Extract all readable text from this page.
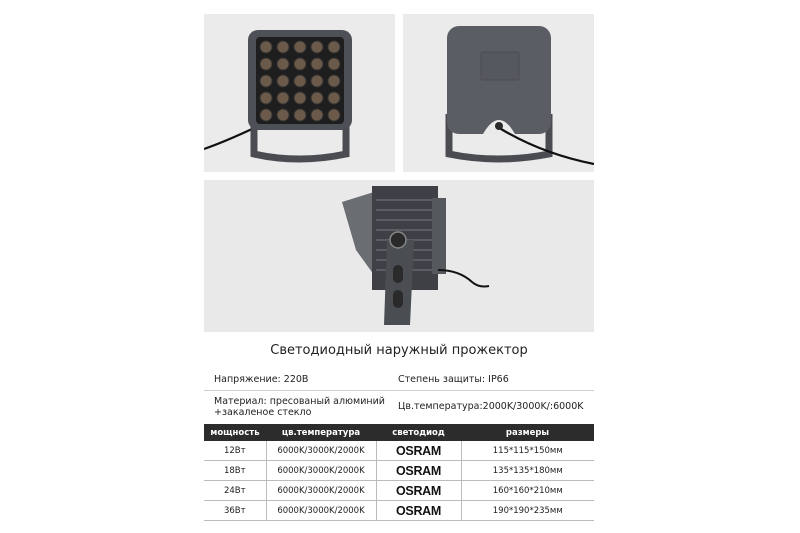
Светодиодный наружный прожектор
Напряжение: 220В	Степень защиты: IP66
Материал: пресованый алюминий
+закаленое стекло
Цв.температура:2000K/3000K/:6000K
мощность	цв.температура	светодиод	размеры
12Вт	6000K/3000K/2000K	OSRAM	115*115*150мм
18Вт	6000K/3000K/2000K	OSRAM	135*135*180мм
24Вт	6000K/3000K/2000K	OSRAM	160*160*210мм
36Вт	6000K/3000K/2000K	OSRAM	190*190*235мм
